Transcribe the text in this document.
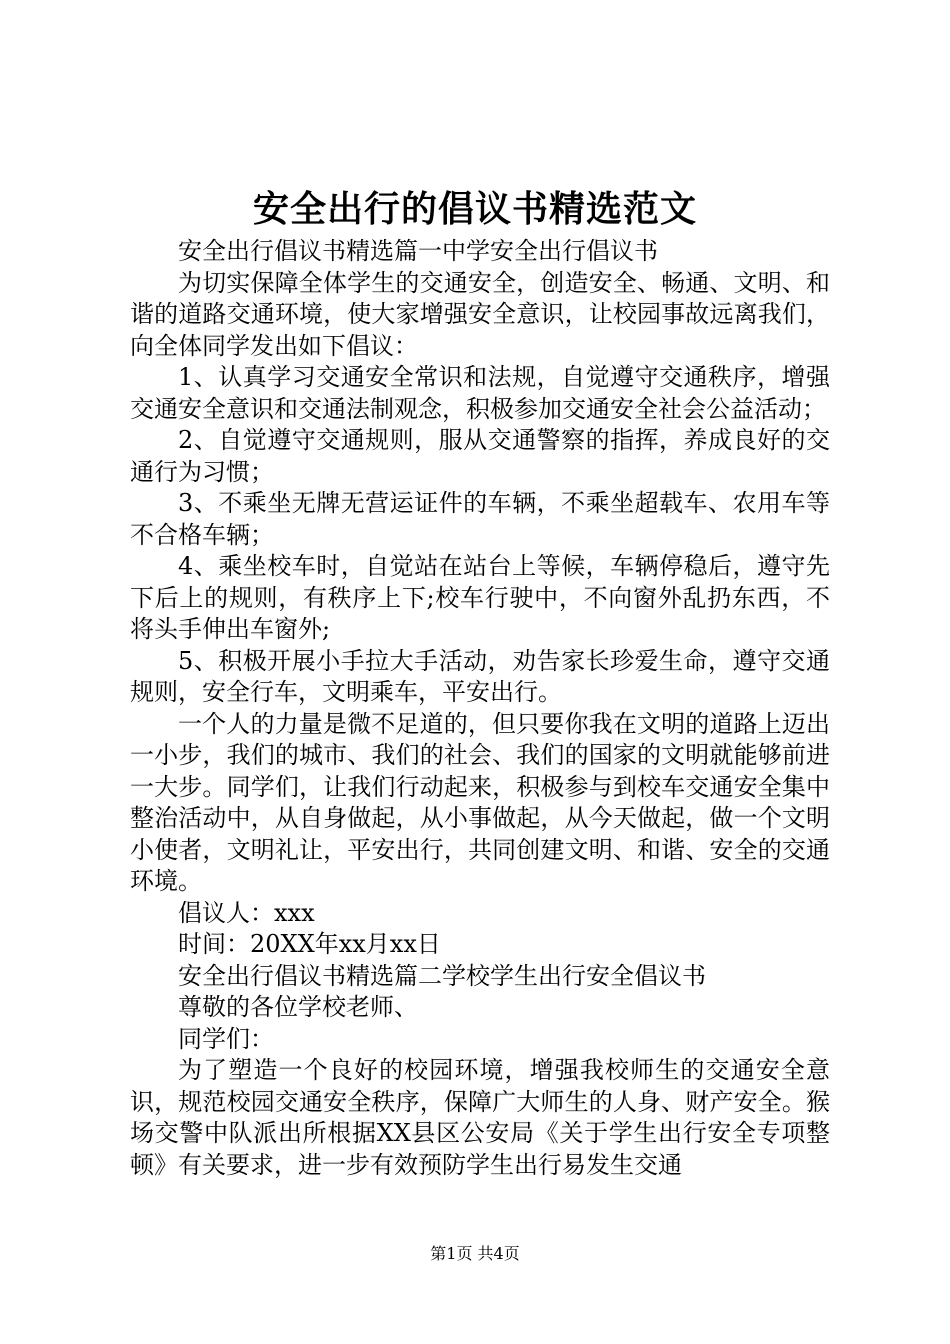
安全出行的倡议书精选范文

安全出行倡议书精选篇一中学安全出行倡议书

为切实保障全体学生的交通安全，创造安全、畅通、文明、和谐的道路交通环境，使大家增强安全意识，让校园事故远离我们，向全体同学发出如下倡议：

1、认真学习交通安全常识和法规，自觉遵守交通秩序，增强交通安全意识和交通法制观念，积极参加交通安全社会公益活动；

2、自觉遵守交通规则，服从交通警察的指挥，养成良好的交通行为习惯；

3、不乘坐无牌无营运证件的车辆，不乘坐超载车、农用车等不合格车辆；

4、乘坐校车时，自觉站在站台上等候，车辆停稳后，遵守先下后上的规则，有秩序上下;校车行驶中，不向窗外乱扔东西，不将头手伸出车窗外;

5、积极开展小手拉大手活动，劝告家长珍爱生命，遵守交通规则，安全行车，文明乘车，平安出行。

一个人的力量是微不足道的，但只要你我在文明的道路上迈出一小步，我们的城市、我们的社会、我们的国家的文明就能够前进一大步。同学们，让我们行动起来，积极参与到校车交通安全集中整治活动中，从自身做起，从小事做起，从今天做起，做一个文明小使者，文明礼让，平安出行，共同创建文明、和谐、安全的交通环境。

倡议人：xxx

时间：20XX年xx月xx日

安全出行倡议书精选篇二学校学生出行安全倡议书

尊敬的各位学校老师、

同学们：

为了塑造一个良好的校园环境，增强我校师生的交通安全意识，规范校园交通安全秩序，保障广大师生的人身、财产安全。猴场交警中队派出所根据XX县区公安局《关于学生出行安全专项整顿》有关要求，进一步有效预防学生出行易发生交通

第1页 共4页
